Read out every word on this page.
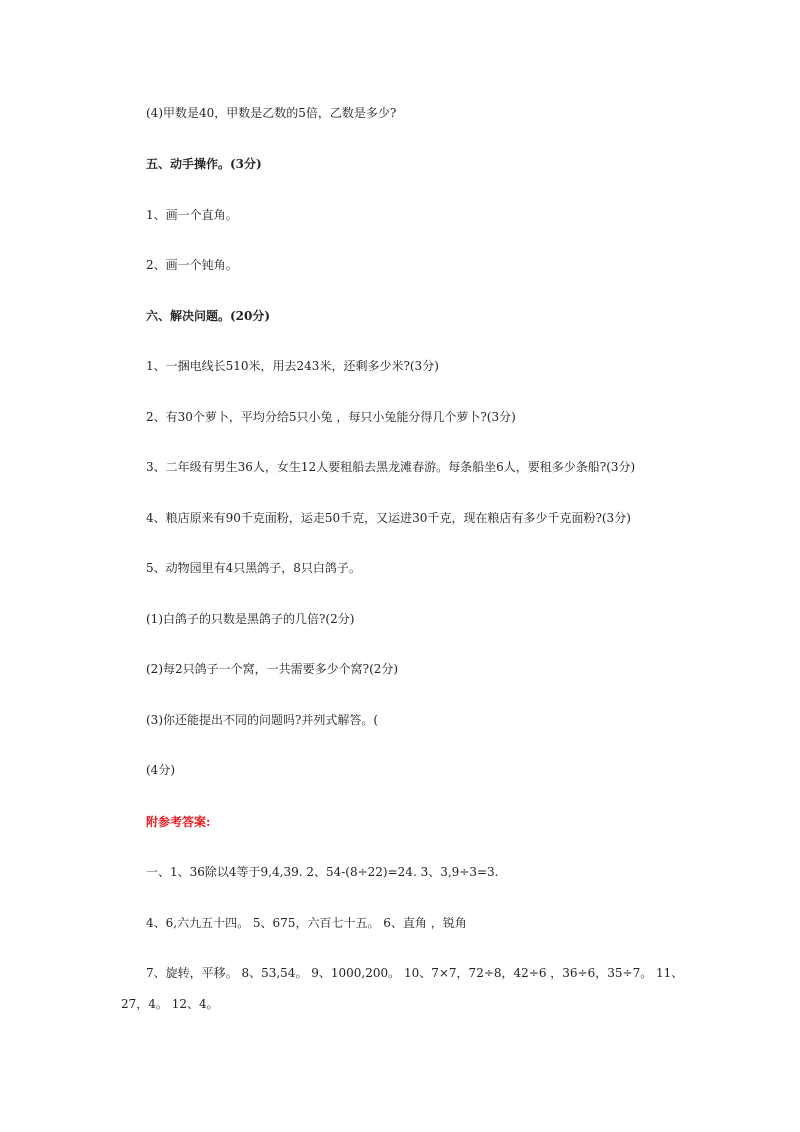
(4)甲数是40，甲数是乙数的5倍，乙数是多少?
五、动手操作。(3分)
1、画一个直角。
2、画一个钝角。
六、解决问题。(20分)
1、一捆电线长510米，用去243米，还剩多少米?(3分)
2、有30个萝卜，平均分给5只小兔 ，每只小兔能分得几个萝卜?(3分)
3、二年级有男生36人，女生12人要租船去黑龙滩春游。每条船坐6人，要租多少条船?(3分)
4、粮店原来有90千克面粉，运走50千克，又运进30千克，现在粮店有多少千克面粉?(3分)
5、动物园里有4只黑鸽子，8只白鸽子。
(1)白鸽子的只数是黑鸽子的几倍?(2分)
(2)每2只鸽子一个窝，一共需要多少个窝?(2分)
(3)你还能提出不同的问题吗?并列式解答。(
(4分)
附参考答案:
一、1、36除以4等于9,4,39. 2、54-(8÷22)=24. 3、3,9÷3=3.
4、6,六九五十四。 5、675，六百七十五。 6、直角 ，锐角
7、旋转，平移。 8、53,54。 9、1000,200。 10、7×7，72÷8，42÷6 ，36÷6，35÷7。 11、
27，4。 12、4。
